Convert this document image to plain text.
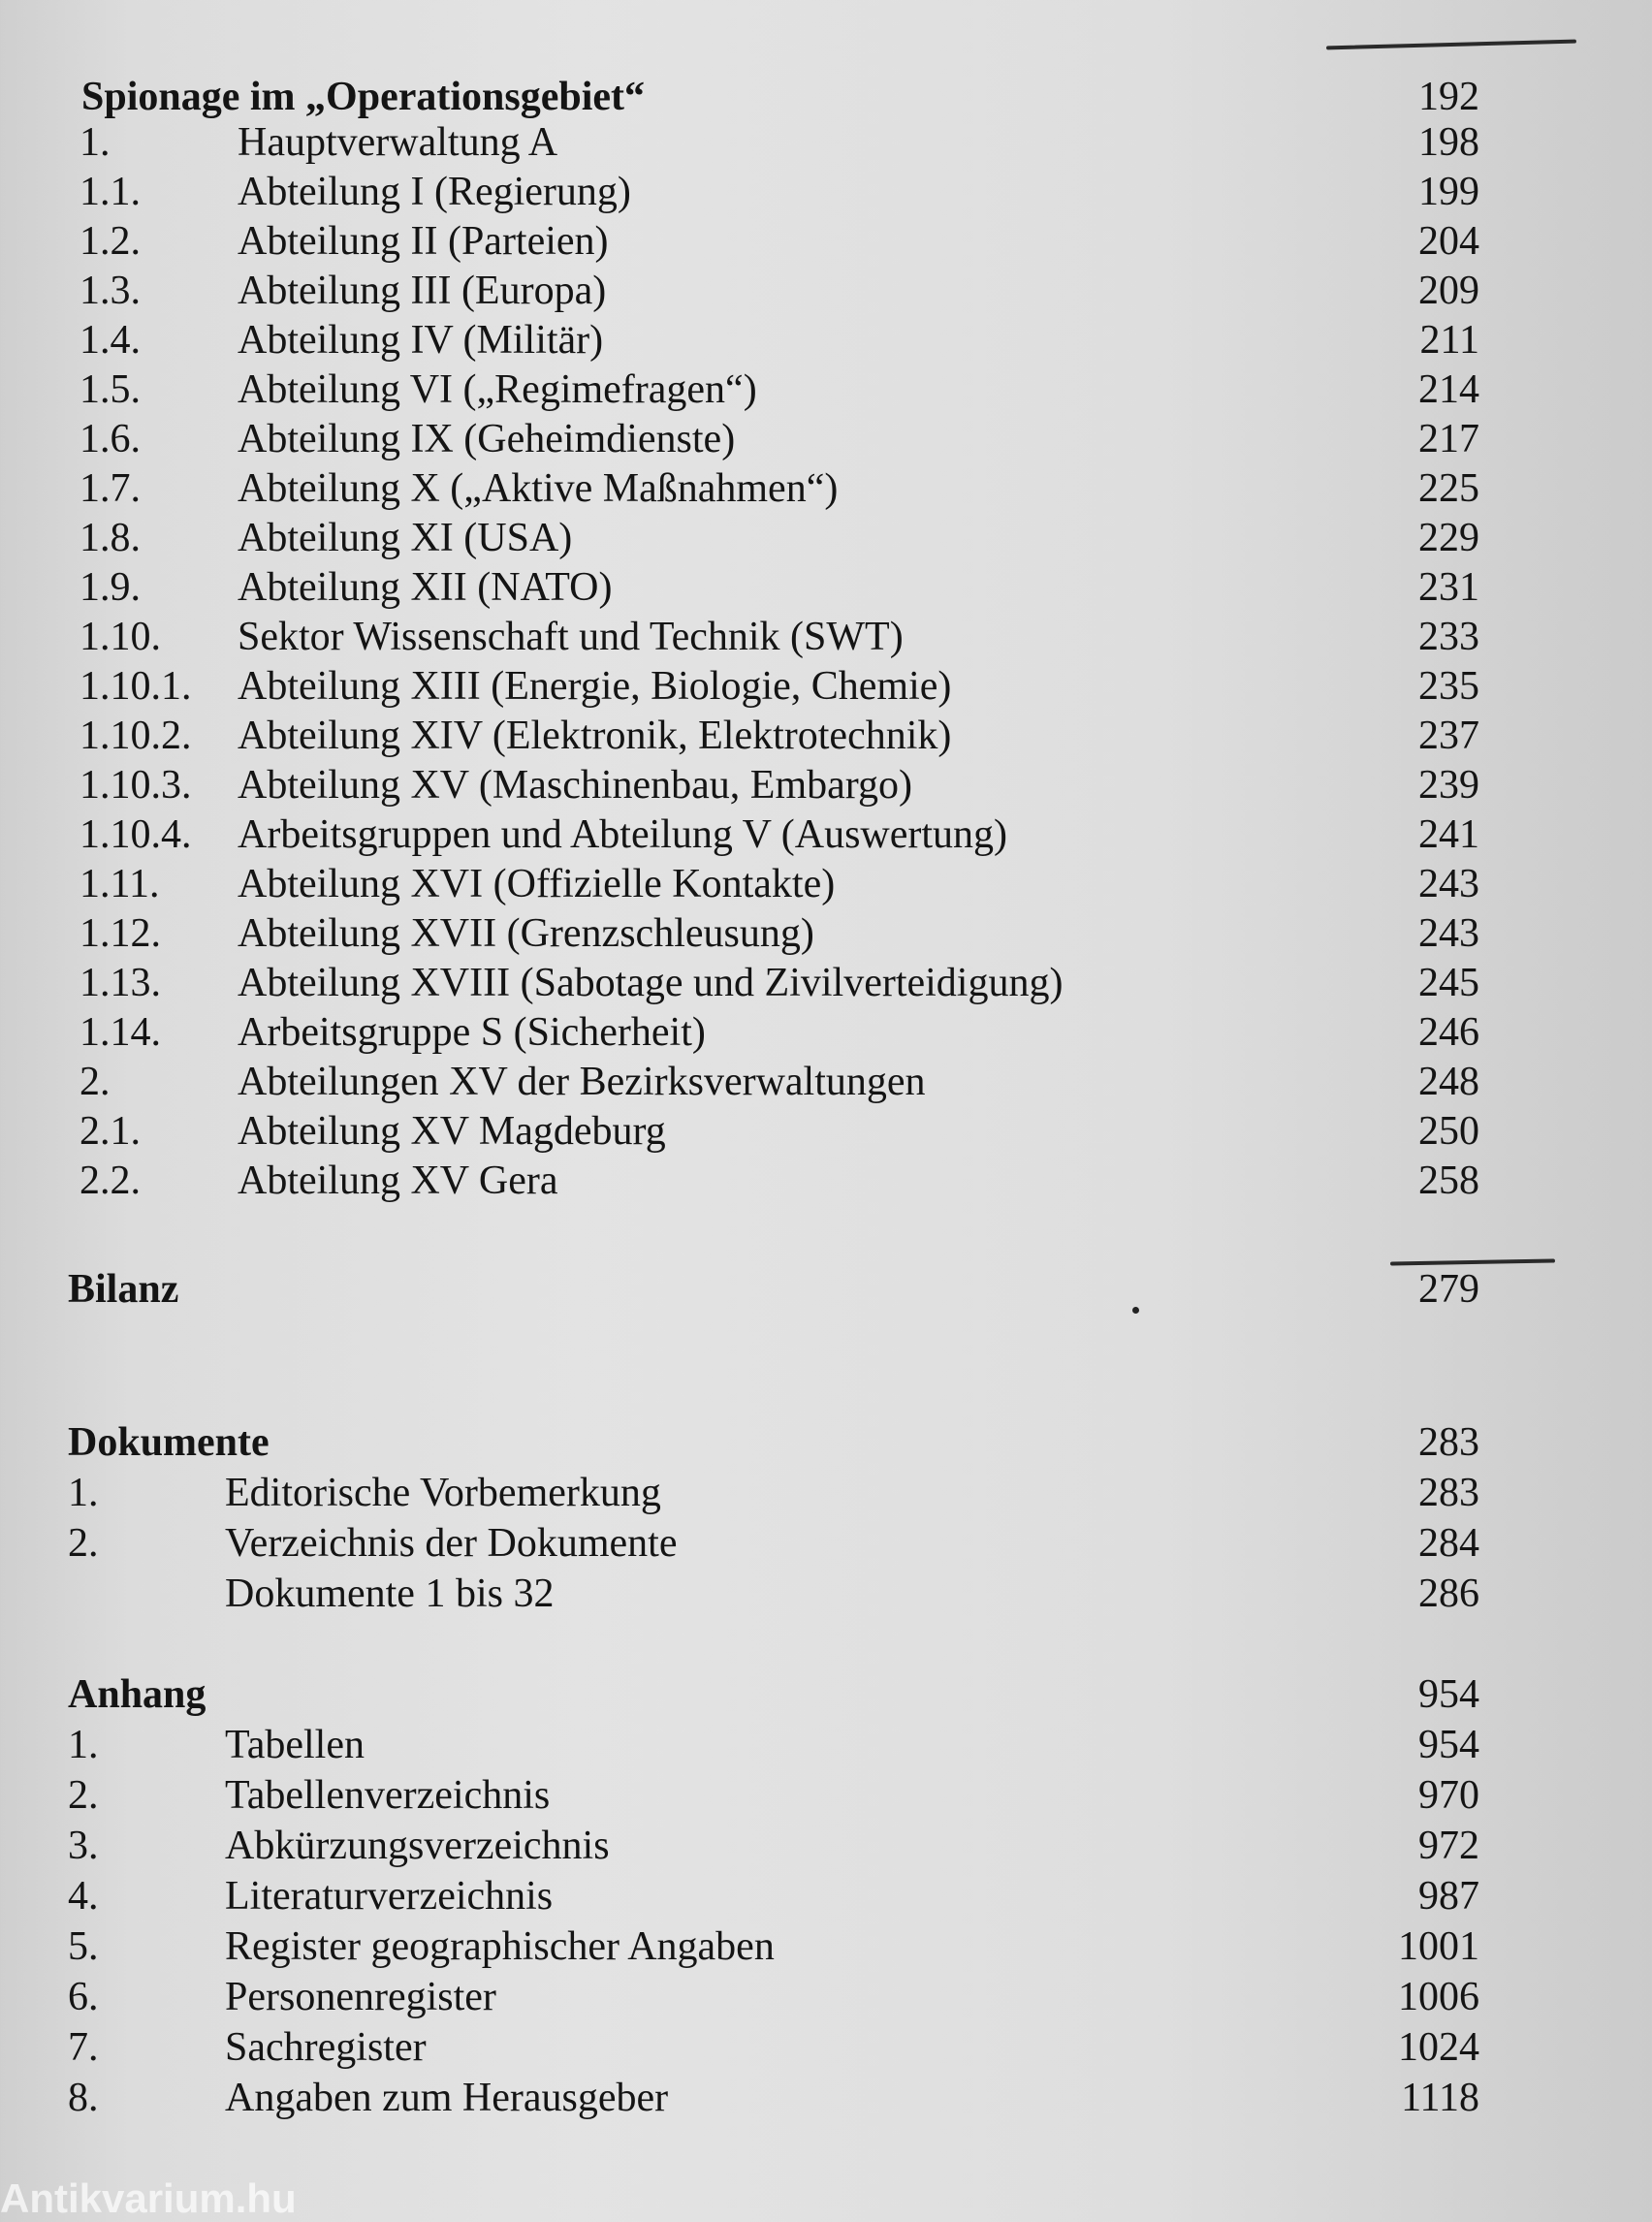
Spionage im „Operationsgebiet“	192
1.	Hauptverwaltung A	198
1.1. Abteilung I (Regierung)	199
1.2. Abteilung II (Parteien)	204
1.3. Abteilung III (Europa)	209
1.4. Abteilung IV (Militär)	211
1.5. Abteilung VI („Regimefragen“)	214
1.6. Abteilung IX (Geheimdienste)	217
1.7. Abteilung X („Aktive Maßnahmen“)	225
1.8. Abteilung XI (USA)	229
1.9. Abteilung XII (NATO)	231
1.10. Sektor Wissenschaft und Technik (SWT)	233
1.10.1. Abteilung XIII (Energie, Biologie, Chemie)	235
1.10.2. Abteilung XIV (Elektronik, Elektrotechnik)	237
1.10.3. Abteilung XV (Maschinenbau, Embargo)	239
1.10.4. Arbeitsgruppen und Abteilung V (Auswertung)	241
1.11. Abteilung XVI (Offizielle Kontakte)	243
1.12. Abteilung XVII (Grenzschleusung)	243
1.13. Abteilung XVIII (Sabotage und Zivilverteidigung)	245
1.14. Arbeitsgruppe S (Sicherheit)	246
2.	Abteilungen XV der Bezirksverwaltungen	248
2.1. Abteilung XV Magdeburg	250
2.2. Abteilung XV Gera	258
Bilanz	279
Dokumente	283
1.	Editorische Vorbemerkung	283
2.	Verzeichnis der Dokumente	284
Dokumente 1 bis 32	286
Anhang	954
1.	Tabellen	954
2.	Tabellenverzeichnis	970
3.	Abkürzungsverzeichnis	972
4.	Literaturverzeichnis	987
5.	Register geographischer Angaben	1001
6.	Personenregister	1006
7.	Sachregister	1024
8.	Angaben zum Herausgeber	1118
Antikvarium.hu
